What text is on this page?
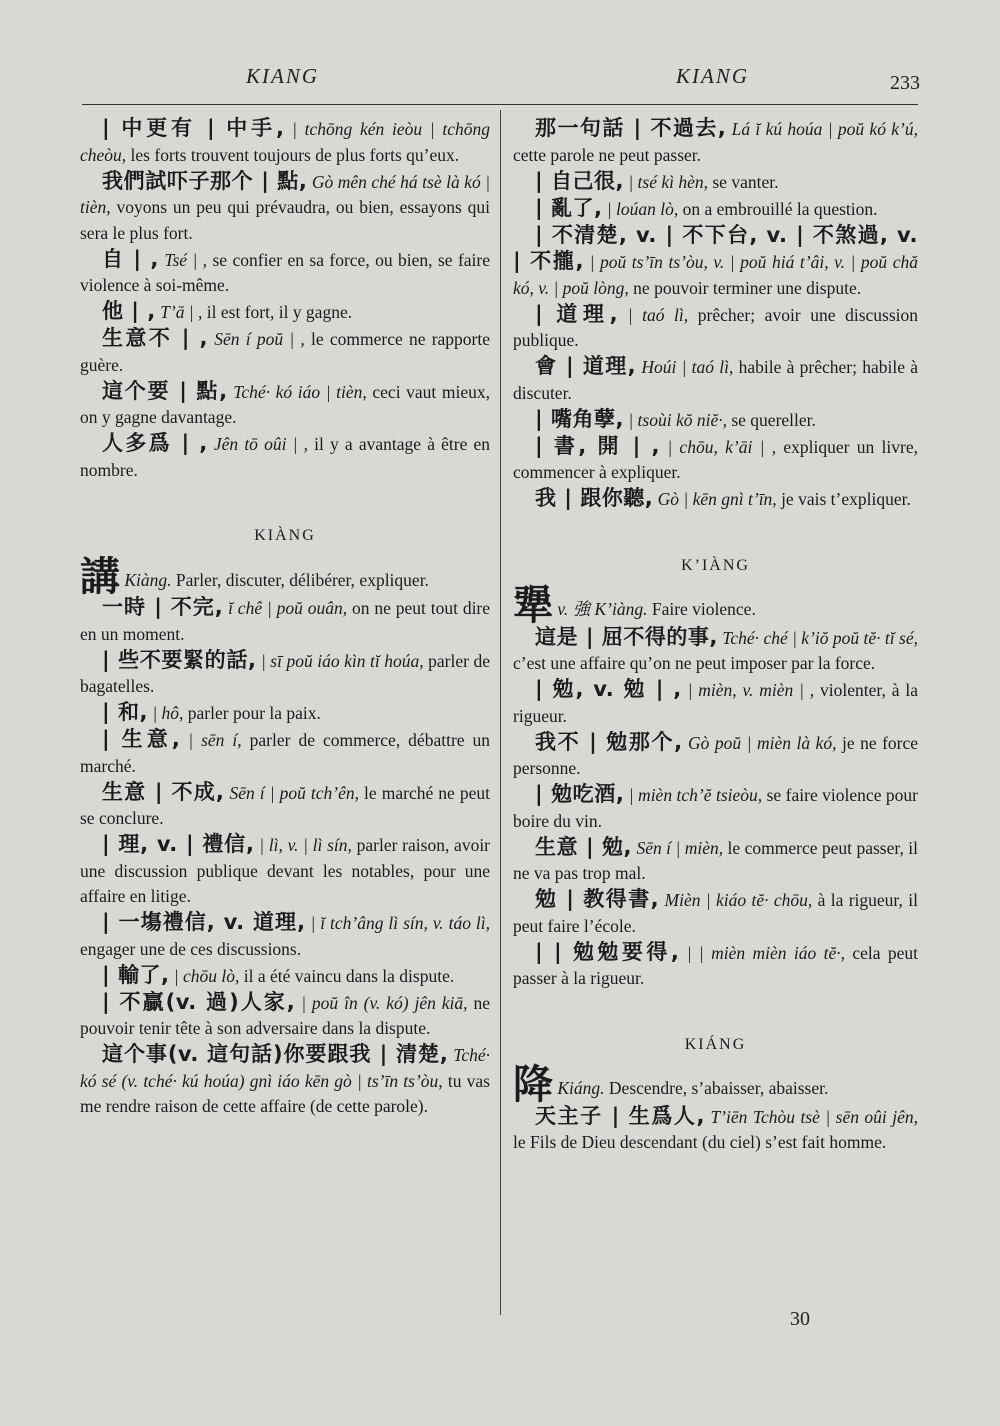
KIANG	KIANG	233
| 中更有 | 中手, | tchōng kén ieòu | tchōng cheòu, les forts trouvent toujours de plus forts qu’eux.
我們試吓子那个 | 點, Gò mên ché há tsè là kó | tièn, voyons un peu qui prévaudra, ou bien, essayons qui sera le plus fort.
自 | , Tsé | , se confier en sa force, ou bien, se faire violence à soi-même.
他 | , T’ā | , il est fort, il y gagne.
生意不 | , Sēn í poŭ | , le commerce ne rapporte guère.
這个要 | 點, Tché· kó iáo | tièn, ceci vaut mieux, on y gagne davantage.
人多爲 | , Jên tō oûi | , il y a avantage à être en nombre.
KIÀNG
講 Kiàng. Parler, discuter, délibérer, expliquer.
一時 | 不完, ĭ chê | poŭ ouân, on ne peut tout dire en un moment.
| 些不要緊的話, | sī poŭ iáo kìn tĭ hoúa, parler de bagatelles.
| 和, | hô, parler pour la paix.
| 生意, | sēn í, parler de commerce, débattre un marché.
生意 | 不成, Sēn í | poŭ tch’ên, le marché ne peut se conclure.
| 理, v. | 禮信, | lì, v. | lì sín, parler raison, avoir une discussion publique devant les notables, pour une affaire en litige.
| 一塲禮信, v. 道理, | ĭ tch’âng lì sín, v. táo lì, engager une de ces discussions.
| 輸了, | chōu lò, il a été vaincu dans la dispute.
| 不贏(v. 過)人家, | poŭ în (v. kó) jên kiā, ne pouvoir tenir tête à son adversaire dans la dispute.
這个事(v. 這句話)你要跟我 | 清楚, Tché· kó sé (v. tché· kú hoúa) gnì iáo kēn gò | ts’īn ts’òu, tu vas me rendre raison de cette affaire (de cette parole).
那一句話 | 不過去, Lá ĭ kú hoúa | poŭ kó k’ú, cette parole ne peut passer.
| 自己很, | tsé kì hèn, se vanter.
| 亂了, | loúan lò, on a embrouillé la question.
| 不清楚, v. | 不下台, v. | 不煞過, v. | 不攏, | poŭ ts’īn ts’òu, v. | poŭ hiá t’âi, v. | poŭ chă kó, v. | poŭ lòng, ne pouvoir terminer une dispute.
| 道理, | taó lì, prêcher; avoir une discussion publique.
會 | 道理, Hoúi | taó lì, habile à prêcher; habile à discuter.
| 嘴角孽, | tsoùi kŏ niĕ·, se quereller.
| 書, 開 | , | chōu, k’āi | , expliquer un livre, commencer à expliquer.
我 | 跟你聽, Gò | kēn gnì t’īn, je vais t’expliquer.
K’IÀNG
犟 v. 強 K’iàng. Faire violence.
這是 | 屈不得的事, Tché· ché | k’iŏ poŭ tĕ· tĭ sé, c’est une affaire qu’on ne peut imposer par la force.
| 勉, v. 勉 | , | mièn, v. mièn | , violenter, à la rigueur.
我不 | 勉那个, Gò poŭ | mièn là kó, je ne force personne.
| 勉吃酒, | mièn tch’ĕ tsieòu, se faire violence pour boire du vin.
生意 | 勉, Sēn í | mièn, le commerce peut passer, il ne va pas trop mal.
勉 | 教得書, Mièn | kiáo tĕ· chōu, à la rigueur, il peut faire l’école.
| | 勉勉要得, | | mièn mièn iáo tĕ·, cela peut passer à la rigueur.
KIÁNG
降 Kiáng. Descendre, s’abaisser, abaisser.
天主子 | 生爲人, T’iēn Tchòu tsè | sēn oûi jên, le Fils de Dieu descendant (du ciel) s’est fait homme.
30
